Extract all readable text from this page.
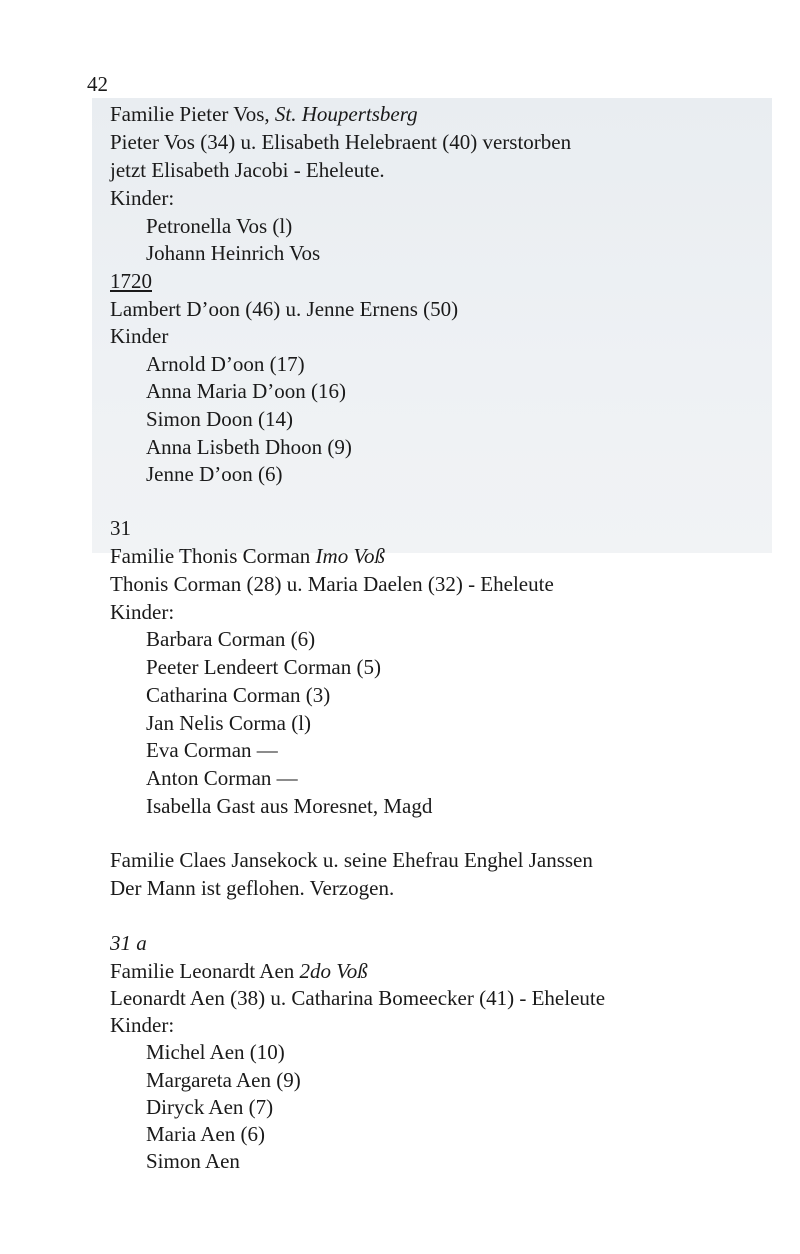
42
Familie Pieter Vos, St. Houpertsberg
Pieter Vos (34) u. Elisabeth Helebraent (40) verstorben
jetzt Elisabeth Jacobi - Eheleute.
Kinder:
Petronella Vos (l)
Johann Heinrich Vos
1720
Lambert D’oon (46) u. Jenne Ernens (50)
Kinder
Arnold D’oon (17)
Anna Maria D’oon (16)
Simon Doon (14)
Anna Lisbeth Dhoon (9)
Jenne D’oon (6)
31
Familie Thonis Corman Imo Voß
Thonis Corman (28) u. Maria Daelen (32) - Eheleute
Kinder:
Barbara Corman (6)
Peeter Lendeert Corman (5)
Catharina Corman (3)
Jan Nelis Corma (l)
Eva Corman —
Anton Corman —
Isabella Gast aus Moresnet, Magd
Familie Claes Jansekock u. seine Ehefrau Enghel Janssen
Der Mann ist geflohen. Verzogen.
31 a
Familie Leonardt Aen 2do Voß
Leonardt Aen (38) u. Catharina Bomeecker (41) - Eheleute
Kinder:
Michel Aen (10)
Margareta Aen (9)
Diryck Aen (7)
Maria Aen (6)
Simon Aen
